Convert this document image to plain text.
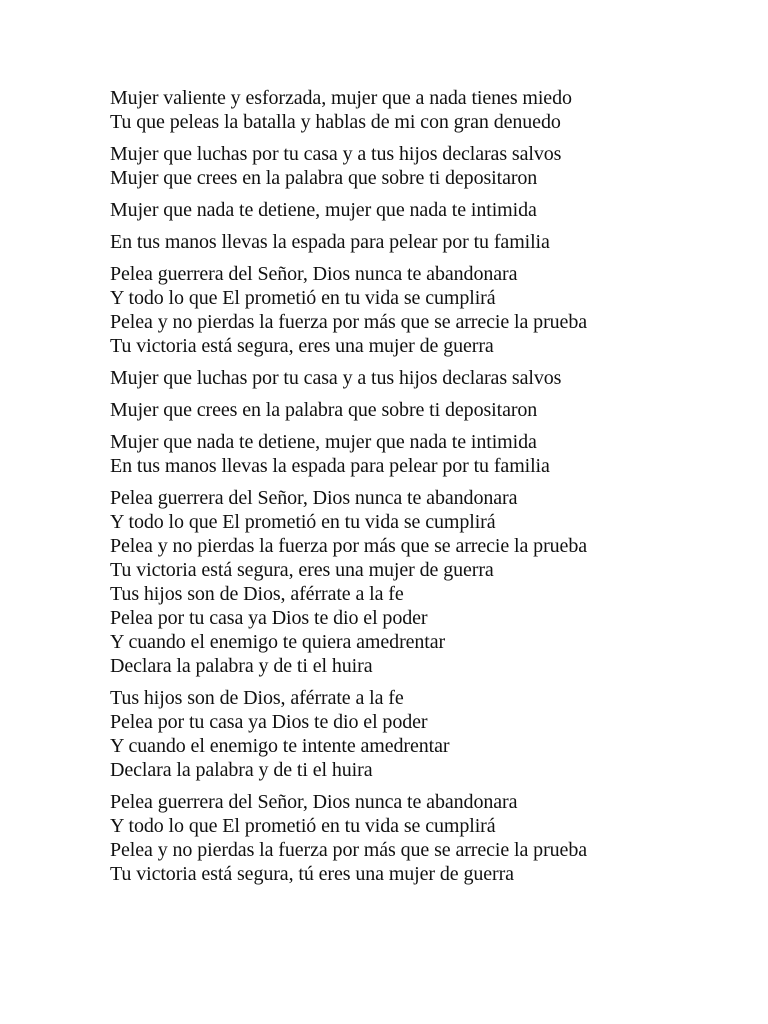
Mujer valiente y esforzada, mujer que a nada tienes miedo
Tu que peleas la batalla y hablas de mi con gran denuedo
Mujer que luchas por tu casa y a tus hijos declaras salvos
Mujer que crees en la palabra que sobre ti depositaron
Mujer que nada te detiene, mujer que nada te intimida
En tus manos llevas la espada para pelear por tu familia
Pelea guerrera del Señor, Dios nunca te abandonara
Y todo lo que El prometió en tu vida se cumplirá
Pelea y no pierdas la fuerza por más que se arrecie la prueba
Tu victoria está segura, eres una mujer de guerra
Mujer que luchas por tu casa y a tus hijos declaras salvos
Mujer que crees en la palabra que sobre ti depositaron
Mujer que nada te detiene, mujer que nada te intimida
En tus manos llevas la espada para pelear por tu familia
Pelea guerrera del Señor, Dios nunca te abandonara
Y todo lo que El prometió en tu vida se cumplirá
Pelea y no pierdas la fuerza por más que se arrecie la prueba
Tu victoria está segura, eres una mujer de guerra
Tus hijos son de Dios, aférrate a la fe
Pelea por tu casa ya Dios te dio el poder
Y cuando el enemigo te quiera amedrentar
Declara la palabra y de ti el huira
Tus hijos son de Dios, aférrate a la fe
Pelea por tu casa ya Dios te dio el poder
Y cuando el enemigo te intente amedrentar
Declara la palabra y de ti el huira
Pelea guerrera del Señor, Dios nunca te abandonara
Y todo lo que El prometió en tu vida se cumplirá
Pelea y no pierdas la fuerza por más que se arrecie la prueba
Tu victoria está segura, tú eres una mujer de guerra
